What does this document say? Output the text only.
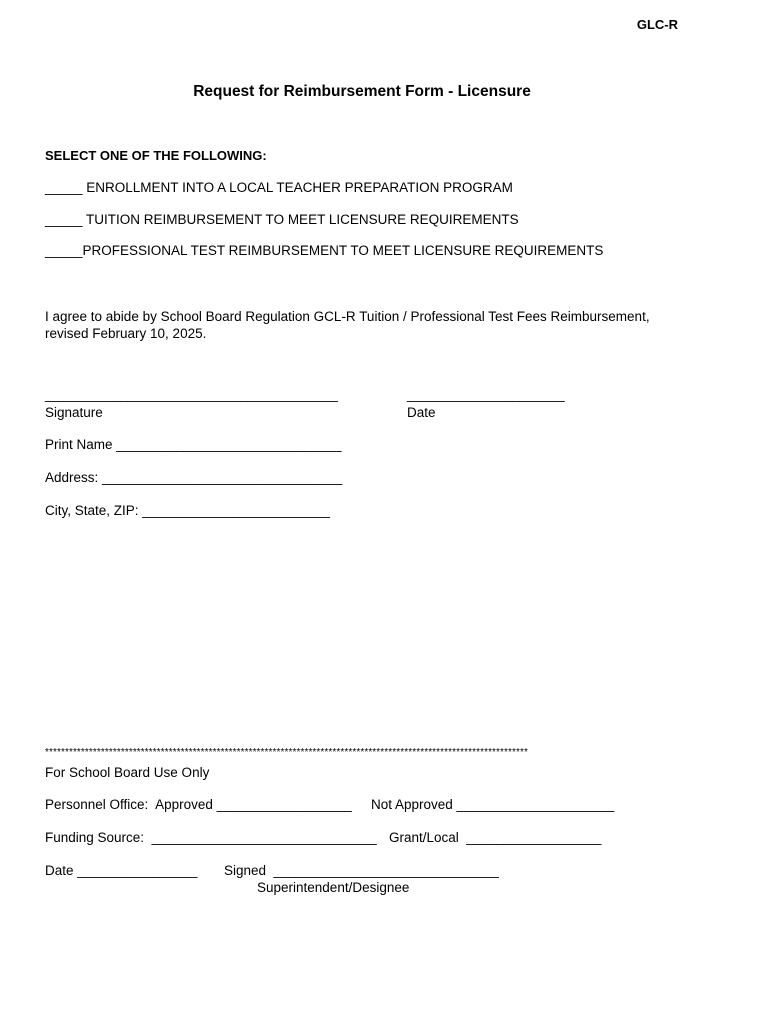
GLC-R
Request for Reimbursement Form - Licensure
SELECT ONE OF THE FOLLOWING:
_____ ENROLLMENT INTO A LOCAL TEACHER PREPARATION PROGRAM
_____ TUITION REIMBURSEMENT TO MEET LICENSURE REQUIREMENTS
_____PROFESSIONAL TEST REIMBURSEMENT TO MEET LICENSURE REQUIREMENTS
I agree to abide by School Board Regulation GCL-R Tuition / Professional Test Fees Reimbursement, revised February 10, 2025.
_______________________________________	_____________________
Signature	Date
Print Name ______________________________
Address: ________________________________
City, State, ZIP: _________________________
*************************************************************************************************************************
For School Board Use Only
Personnel Office:  Approved __________________ Not Approved _____________________
Funding Source:  ______________________________ Grant/Local  __________________
Date ________________ Signed  ______________________________
Superintendent/Designee
